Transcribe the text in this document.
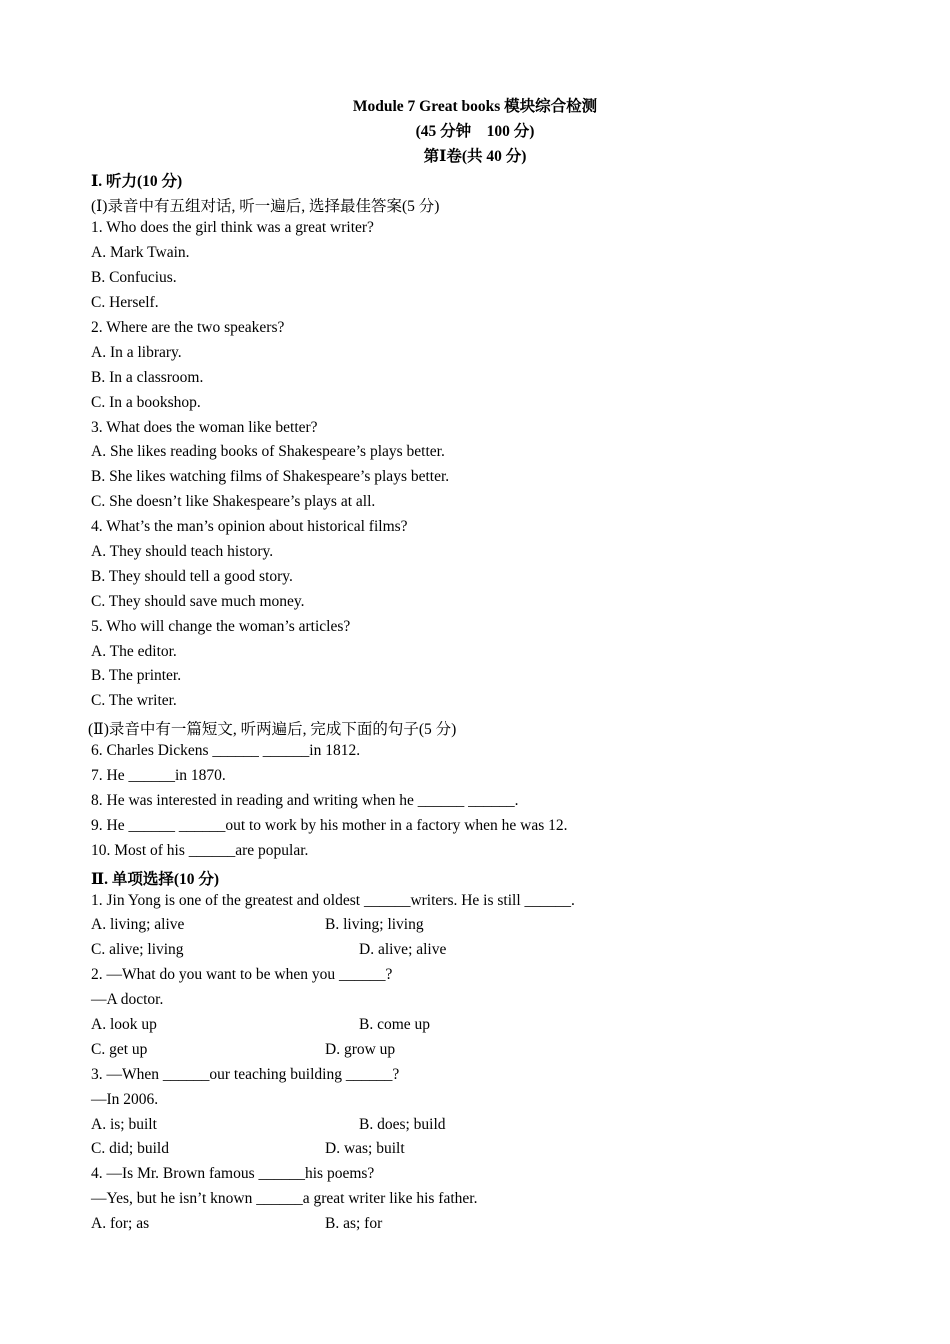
Module 7 Great books 模块综合检测
(45 分钟　100 分)
第Ⅰ卷(共 40 分)
Ⅰ. 听力(10 分)
(Ⅰ)录音中有五组对话, 听一遍后, 选择最佳答案(5 分)
1. Who does the girl think was a great writer?
A. Mark Twain.
B. Confucius.
C. Herself.
2. Where are the two speakers?
A. In a library.
B. In a classroom.
C. In a bookshop.
3. What does the woman like better?
A. She likes reading books of Shakespeare’s plays better.
B. She likes watching films of Shakespeare’s plays better.
C. She doesn’t like Shakespeare’s plays at all.
4. What’s the man’s opinion about historical films?
A. They should teach history.
B. They should tell a good story.
C. They should save much money.
5. Who will change the woman’s articles?
A. The editor.
B. The printer.
C. The writer.
(Ⅱ)录音中有一篇短文, 听两遍后, 完成下面的句子(5 分)
6. Charles Dickens ______ ______in 1812.
7. He ______in 1870.
8. He was interested in reading and writing when he ______ ______.
9. He ______ ______out to work by his mother in a factory when he was 12.
10. Most of his ______are popular.
Ⅱ. 单项选择(10 分)
1. Jin Yong is one of the greatest and oldest ______writers. He is still ______.
A. living; alive	B. living; living
C. alive; living	D. alive; alive
2. —What do you want to be when you ______?
—A doctor.
A. look up	B. come up
C. get up	D. grow up
3. —When ______our teaching building ______?
—In 2006.
A. is; built	B. does; build
C. did; build	D. was; built
4. —Is Mr. Brown famous ______his poems?
—Yes, but he isn’t known ______a great writer like his father.
A. for; as	B. as; for
